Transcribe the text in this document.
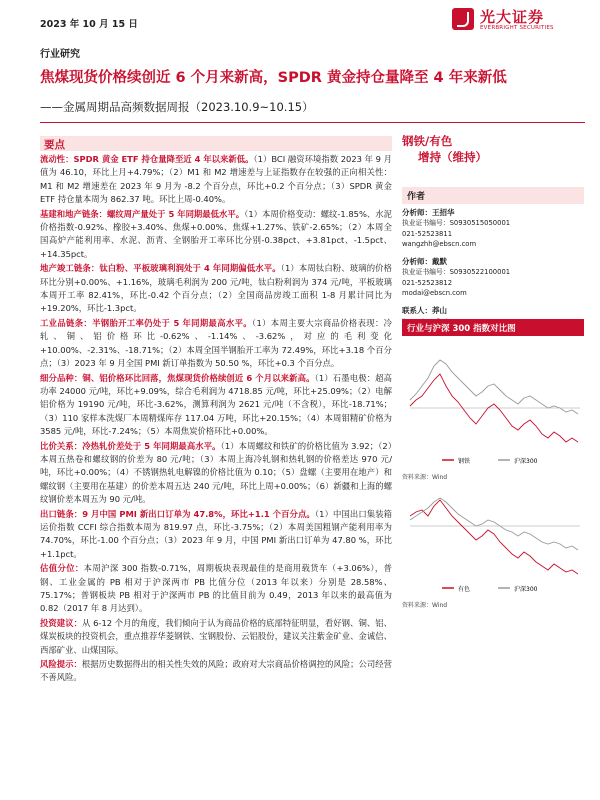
2023 年 10 月 15 日	光大证券
EVERBRIGHT SECURITIES
行业研究
焦煤现货价格续创近 6 个月来新高，SPDR 黄金持仓量降至 4 年来新低
——金属周期品高频数据周报（2023.10.9~10.15）
要点

流动性：SPDR 黄金 ETF 持仓量降至近 4 年以来新低。（1）BCI 融资环境指数 2023 年 9 月值为 46.10，环比上月+4.79%；（2）M1 和 M2 增速差与上证指数存在较强的正向相关性：M1 和 M2 增速差在 2023 年 9 月为 -8.2 个百分点，环比+0.2 个百分点；（3）SPDR 黄金 ETF 持仓量本周为 862.37 吨。环比上周-0.40%。

基建和地产链条：螺纹周产量处于 5 年同期最低水平。（1）本周价格变动：螺纹-1.85%、水泥价格指数-0.92%、橡胶+3.40%、焦煤+0.00%、焦煤+1.27%、铁矿-2.65%；（2）本周全国高炉产能利用率、水泥、沥青、全钢胎开工率环比分别-0.38pct、+3.81pct、-1.5pct、+14.35pct。

地产竣工链条：钛白粉、平板玻璃利润处于 4 年同期偏低水平。（1）本周钛白粉、玻璃的价格环比分别+0.00%、+1.16%，玻璃毛利润为 200 元/吨，钛白粉利润为 374 元/吨，平板玻璃本周开工率 82.41%，环比-0.42 个百分点；（2）全国商品房竣工面积 1-8 月累计同比为+19.20%，环比-1.3pct。

工业品链条：半钢胎开工率仍处于 5 年同期最高水平。（1）本周主要大宗商品价格表现：冷轧、铜、铝价格环比-0.62%、-1.14%、-3.62%，对应的毛利变化+10.00%、-2.31%、-18.71%；（2）本周全国半钢胎开工率为 72.49%，环比+3.18 个百分点；（3）2023 年 9 月全国 PMI 新订单指数为 50.50 %，环比+0.3 个百分点。

细分品种：铜、铝价格环比回落，焦煤现货价格续创近 6 个月以来新高。（1）石墨电极：超高功率 24000 元/吨，环比+9.09%，综合毛利润为 4718.85 元/吨，环比+25.09%；（2）电解铝价格为 19190 元/吨，环比-3.62%，测算利润为 2621 元/吨（不含税），环比-18.71%；（3）110 家样本洗煤厂本周精煤库存 117.04 万吨，环比+20.15%；（4）本周钼精矿价格为 3585 元/吨，环比-7.24%；（5）本周焦炭价格环比+0.00%。

比价关系：冷热轧价差处于 5 年同期最高水平。（1）本周螺纹和铁矿的价格比值为 3.92；（2）本周五热卷和螺纹钢的价差为 80 元/吨；（3）本周上海冷轧钢和热轧钢的价格差达 970 元/吨，环比+0.00%；（4）不锈钢热轧电解镍的价格比值为 0.10；（5）盘螺（主要用在地产）和螺纹钢（主要用在基建）的价差本周五达 240 元/吨，环比上周+0.00%；（6）新疆和上海的螺纹钢价差本周五为 90 元/吨。

出口链条：9 月中国 PMI 新出口订单为 47.8%，环比+1.1 个百分点。（1）中国出口集装箱运价指数 CCFI 综合指数本周为 819.97 点，环比-3.75%；（2）本周美国粗钢产能利用率为 74.70%，环比-1.00 个百分点；（3）2023 年 9 月，中国 PMI 新出口订单为 47.80 %，环比+1.1pct。

估值分位：本周沪深 300 指数-0.71%，周期板块表现最佳的是商用载货车（+3.06%），普钢、工业金属的 PB 相对于沪深两市 PB 比值分位（2013 年以来）分别是 28.58%、75.17%；普钢板块 PB 相对于沪深两市 PB 的比值目前为 0.49，2013 年以来的最高值为 0.82（2017 年 8 月达到）。

投资建议：从 6-12 个月的角度，我们倾向于认为商品价格的底部特征明显，看好钢、铜、铝、煤炭板块的投资机会，重点推荐华菱钢铁、宝钢股份、云铝股份，建议关注紫金矿业、金诚信、西部矿业、山煤国际。

风险提示：根据历史数据得出的相关性失效的风险；政府对大宗商品价格调控的风险；公司经营不善风险。

钢铁/有色
增持（维持）
作者
分析师：王招华
执业证书编号：S0930515050001
021-52523811
wangzhh@ebscn.com
分析师：戴默
执业证书编号：S0930522100001
021-52523812
modai@ebscn.com
联系人：莽山
行业与沪深 300 指数对比图
钢铁	沪深300
资料来源：Wind
有色	沪深300
资料来源：Wind
